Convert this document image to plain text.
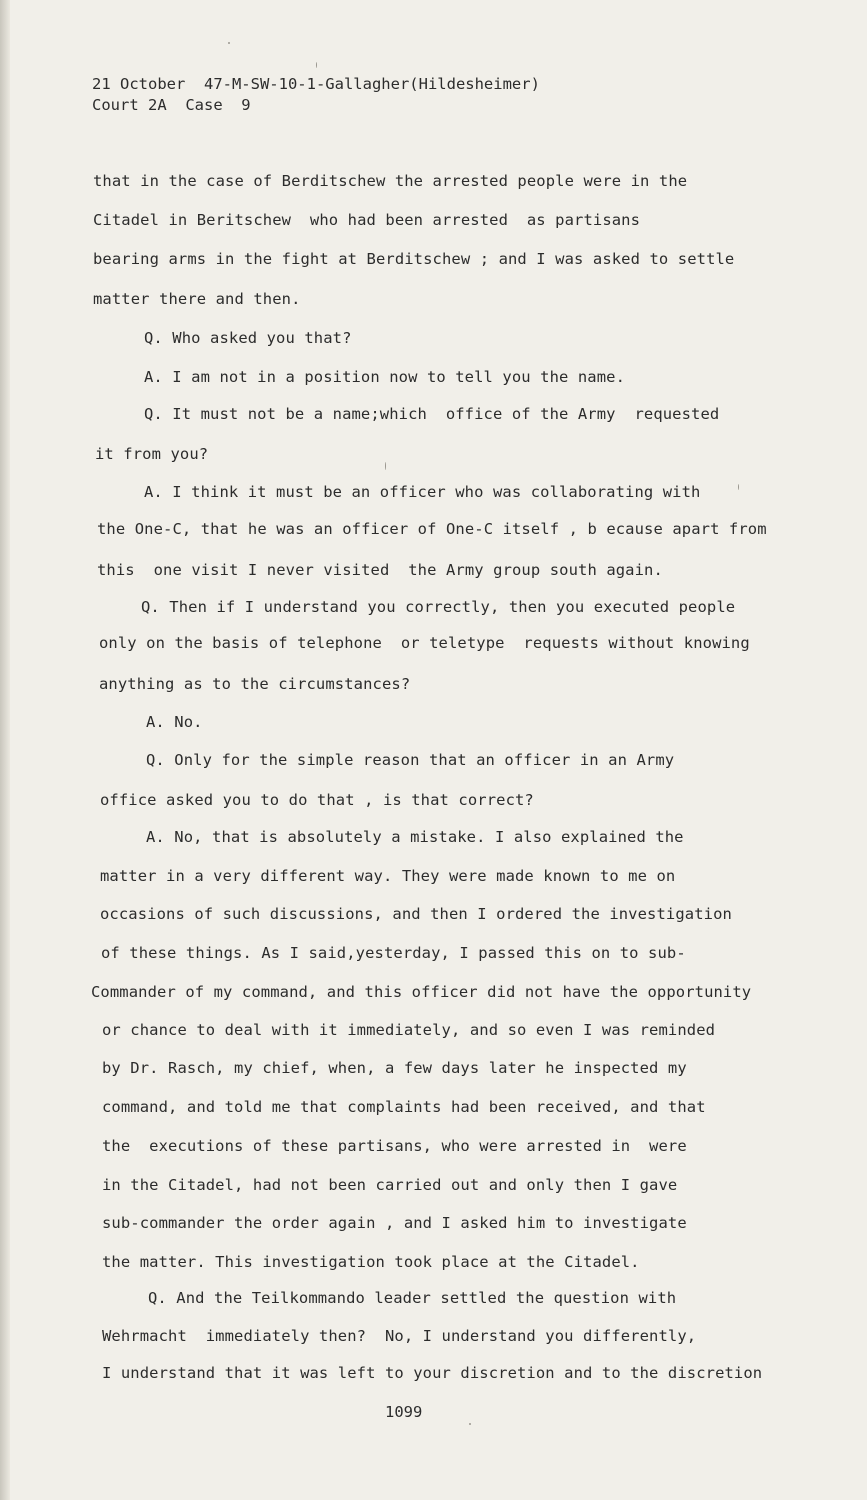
21 October  47-M-SW-10-1-Gallagher(Hildesheimer)
Court 2A  Case  9
that in the case of Berditschew the arrested people were in the
Citadel in Beritschew  who had been arrested  as partisans
bearing arms in the fight at Berditschew ; and I was asked to settle
matter there and then.
Q. Who asked you that?
A. I am not in a position now to tell you the name.
Q. It must not be a name;which  office of the Army  requested
it from you?
A. I think it must be an officer who was collaborating with
the One-C, that he was an officer of One-C itself , b ecause apart from
this  one visit I never visited  the Army group south again.
Q. Then if I understand you correctly, then you executed people
only on the basis of telephone  or teletype  requests without knowing
anything as to the circumstances?
A. No.
Q. Only for the simple reason that an officer in an Army
office asked you to do that , is that correct?
A. No, that is absolutely a mistake. I also explained the
matter in a very different way. They were made known to me on
occasions of such discussions, and then I ordered the investigation
of these things. As I said,yesterday, I passed this on to sub-
Commander of my command, and this officer did not have the opportunity
or chance to deal with it immediately, and so even I was reminded
by Dr. Rasch, my chief, when, a few days later he inspected my
command, and told me that complaints had been received, and that
the  executions of these partisans, who were arrested in  were
in the Citadel, had not been carried out and only then I gave
sub-commander the order again , and I asked him to investigate
the matter. This investigation took place at the Citadel.
Q. And the Teilkommando leader settled the question with
Wehrmacht  immediately then?  No, I understand you differently,
I understand that it was left to your discretion and to the discretion
1099
